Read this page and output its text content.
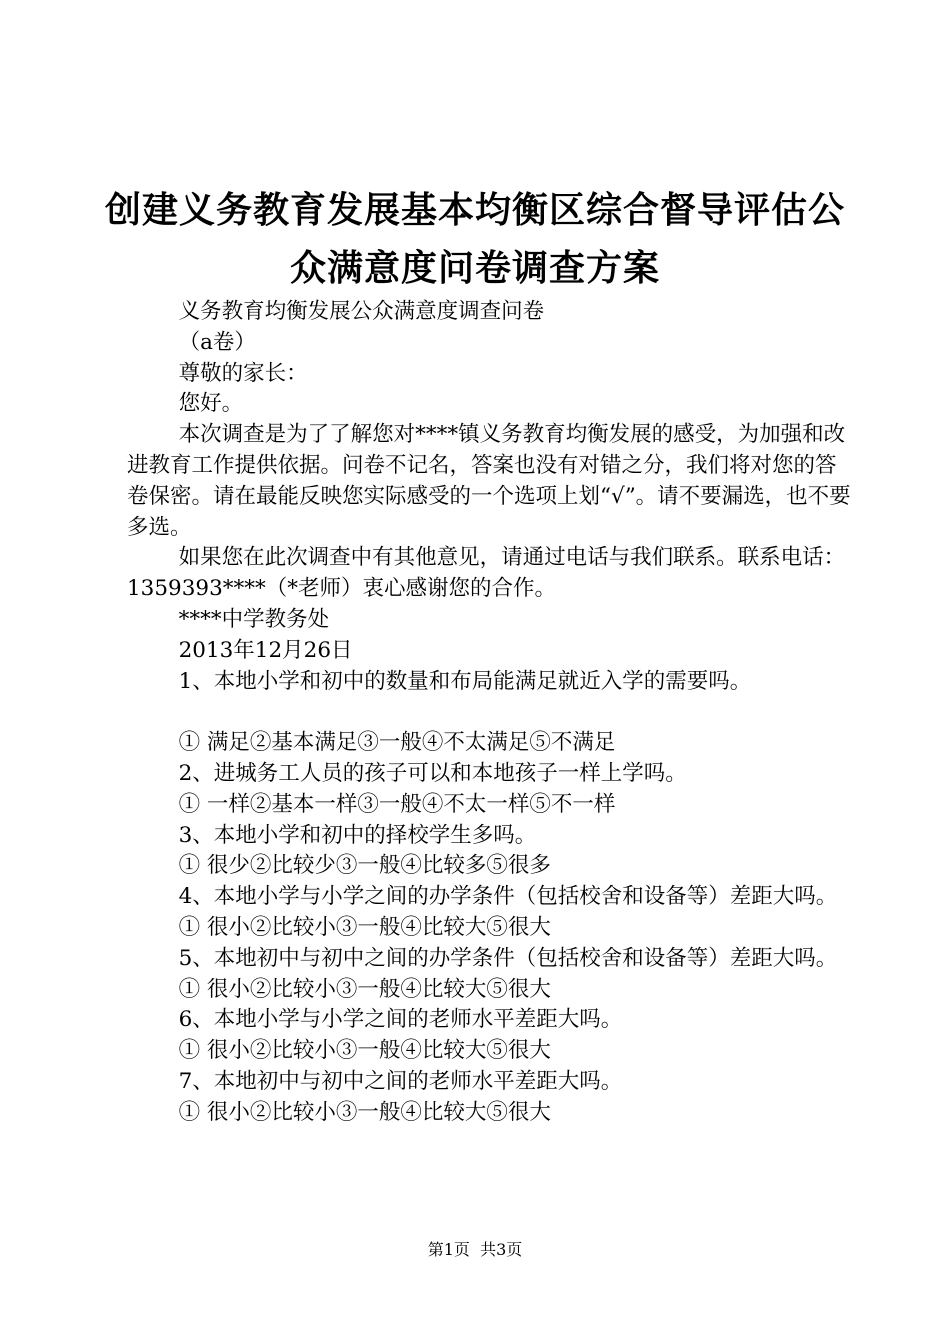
创建义务教育发展基本均衡区综合督导评估公
众满意度问卷调查方案

义务教育均衡发展公众满意度调查问卷

（a卷）

尊敬的家长：

您好。

本次调查是为了了解您对****镇义务教育均衡发展的感受，为加强和改进教育工作提供依据。问卷不记名，答案也没有对错之分，我们将对您的答卷保密。请在最能反映您实际感受的一个选项上划“√”。请不要漏选，也不要多选。

如果您在此次调查中有其他意见，请通过电话与我们联系。联系电话：1359393****（*老师）衷心感谢您的合作。

****中学教务处

2013年12月26日

1、本地小学和初中的数量和布局能满足就近入学的需要吗。

① 满足②基本满足③一般④不太满足⑤不满足

2、进城务工人员的孩子可以和本地孩子一样上学吗。

① 一样②基本一样③一般④不太一样⑤不一样

3、本地小学和初中的择校学生多吗。

① 很少②比较少③一般④比较多⑤很多

4、本地小学与小学之间的办学条件（包括校舍和设备等）差距大吗。

① 很小②比较小③一般④比较大⑤很大

5、本地初中与初中之间的办学条件（包括校舍和设备等）差距大吗。

① 很小②比较小③一般④比较大⑤很大

6、本地小学与小学之间的老师水平差距大吗。

① 很小②比较小③一般④比较大⑤很大

7、本地初中与初中之间的老师水平差距大吗。

① 很小②比较小③一般④比较大⑤很大

第1页  共3页
